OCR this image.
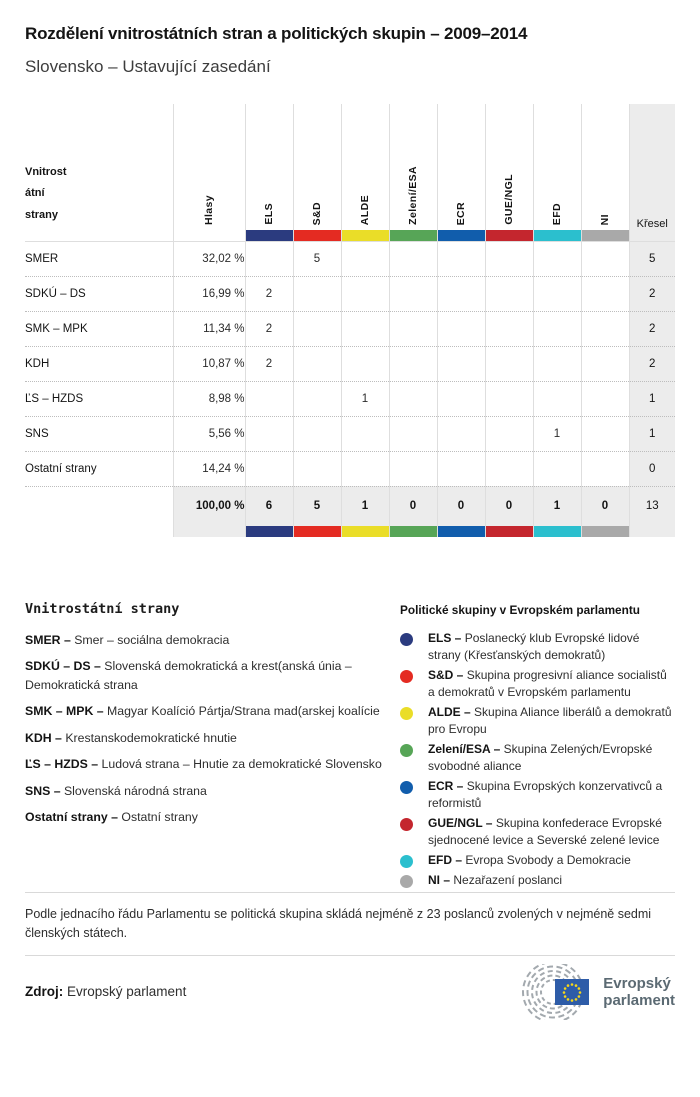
Rozdělení vnitrostátních stran a politických skupin – 2009–2014
Slovensko – Ustavující zasedání
Vnitrost
átní
strany	Hlasy	ELS	S&D	ALDE	Zelení/ESA	ECR	GUE/NGL	EFD	NI	Křesel

SMER	32,02 %		5							5
SDKÚ – DS	16,99 %	2								2
SMK – MPK	11,34 %	2								2
KDH	10,87 %	2								2
ĽS – HZDS	8,98 %			1						1
SNS	5,56 %							1		1
Ostatní strany	14,24 %									0
	100,00 %	6	5	1	0	0	0	1	0	13

Vnitrostátní strany
SMER – Smer – sociálna demokracia
SDKÚ – DS – Slovenská demokratická a krest(anská únia – Demokratická strana
SMK – MPK – Magyar Koalíció Pártja/Strana mad(arskej koalície
KDH – Krestanskodemokratické hnutie
ĽS – HZDS – Ludová strana – Hnutie za demokratické Slovensko
SNS – Slovenská národná strana
Ostatní strany – Ostatní strany
Politické skupiny v Evropském parlamentu
ELS – Poslanecký klub Evropské lidové strany (Křesťanských demokratů)
S&D – Skupina progresivní aliance socialistů a demokratů v Evropském parlamentu
ALDE – Skupina Aliance liberálů a demokratů pro Evropu
Zelení/ESA – Skupina Zelených/Evropské svobodné aliance
ECR – Skupina Evropských konzervativců a reformistů
GUE/NGL – Skupina konfederace Evropské sjednocené levice a Severské zelené levice
EFD – Evropa Svobody a Demokracie
NI – Nezařazení poslanci

Podle jednacího řádu Parlamentu se politická skupina skládá nejméně z 23 poslanců zvolených v nejméně sedmi členských státech.

Zdroj: Evropský parlament

Evropský
parlament
